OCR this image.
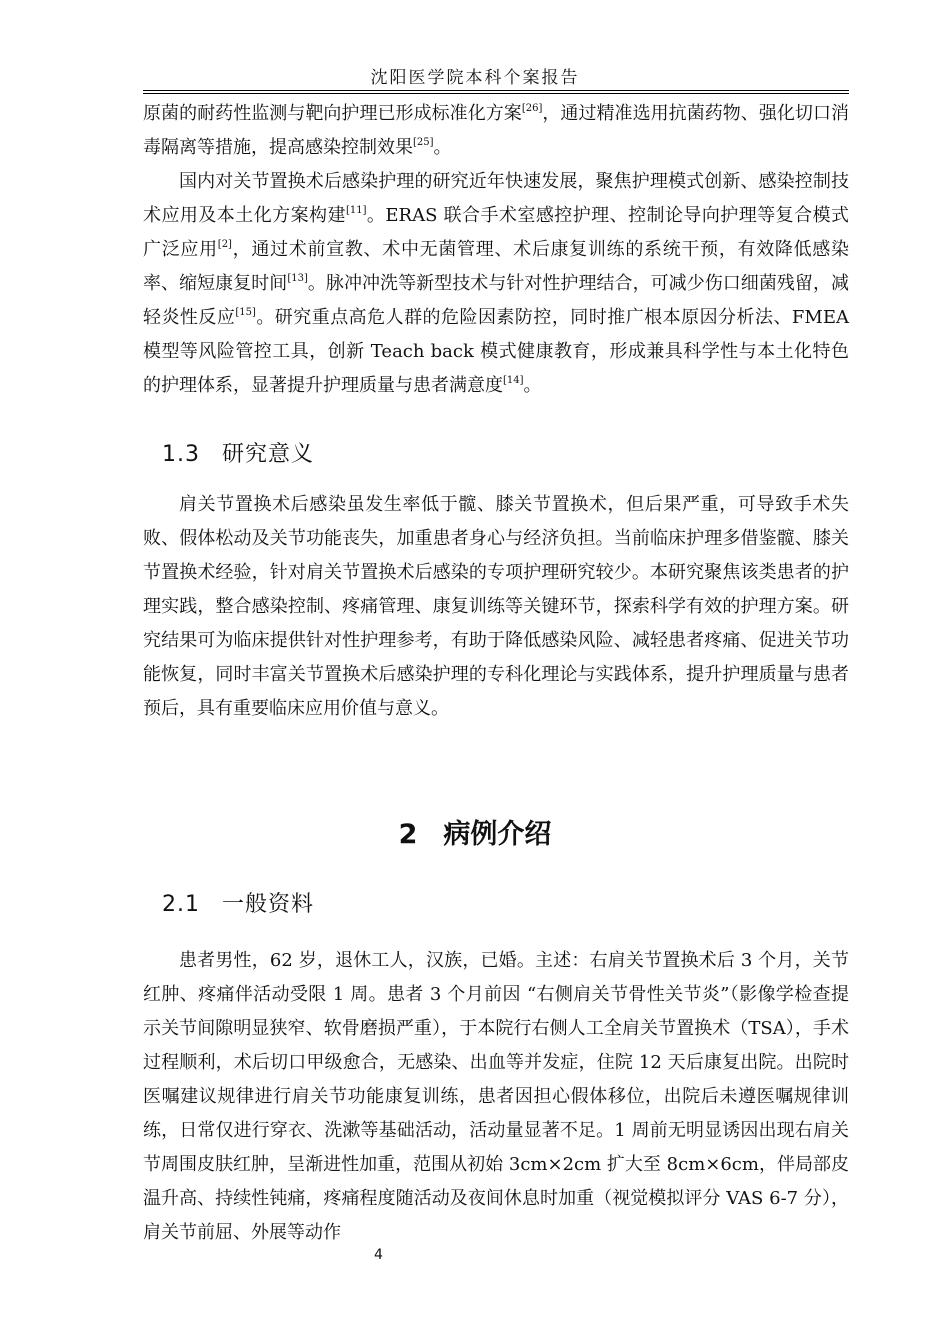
沈阳医学院本科个案报告

原菌的耐药性监测与靶向护理已形成标准化方案[26]，通过精准选用抗菌药物、强化切口消毒隔离等措施，提高感染控制效果[25]。

国内对关节置换术后感染护理的研究近年快速发展，聚焦护理模式创新、感染控制技术应用及本土化方案构建[11]。ERAS 联合手术室感控护理、控制论导向护理等复合模式广泛应用[2]，通过术前宣教、术中无菌管理、术后康复训练的系统干预，有效降低感染率、缩短康复时间[13]。脉冲冲洗等新型技术与针对性护理结合，可减少伤口细菌残留，减轻炎性反应[15]。研究重点高危人群的危险因素防控，同时推广根本原因分析法、FMEA 模型等风险管控工具，创新 Teach back 模式健康教育，形成兼具科学性与本土化特色的护理体系，显著提升护理质量与患者满意度[14]。

1.3 研究意义

肩关节置换术后感染虽发生率低于髋、膝关节置换术，但后果严重，可导致手术失败、假体松动及关节功能丧失，加重患者身心与经济负担。当前临床护理多借鉴髋、膝关节置换术经验，针对肩关节置换术后感染的专项护理研究较少。本研究聚焦该类患者的护理实践，整合感染控制、疼痛管理、康复训练等关键环节，探索科学有效的护理方案。研究结果可为临床提供针对性护理参考，有助于降低感染风险、减轻患者疼痛、促进关节功能恢复，同时丰富关节置换术后感染护理的专科化理论与实践体系，提升护理质量与患者预后，具有重要临床应用价值与意义。

2 病例介绍
2.1 一般资料

患者男性，62 岁，退休工人，汉族，已婚。主述：右肩关节置换术后 3 个月，关节红肿、疼痛伴活动受限 1 周。患者 3 个月前因 “右侧肩关节骨性关节炎”（影像学检查提示关节间隙明显狭窄、软骨磨损严重），于本院行右侧人工全肩关节置换术（TSA），手术过程顺利，术后切口甲级愈合，无感染、出血等并发症，住院 12 天后康复出院。出院时医嘱建议规律进行肩关节功能康复训练，患者因担心假体移位，出院后未遵医嘱规律训练，日常仅进行穿衣、洗漱等基础活动，活动量显著不足。1 周前无明显诱因出现右肩关节周围皮肤红肿，呈渐进性加重，范围从初始 3cm×2cm 扩大至 8cm×6cm，伴局部皮温升高、持续性钝痛，疼痛程度随活动及夜间休息时加重（视觉模拟评分 VAS 6-7 分），肩关节前屈、外展等动作

4
